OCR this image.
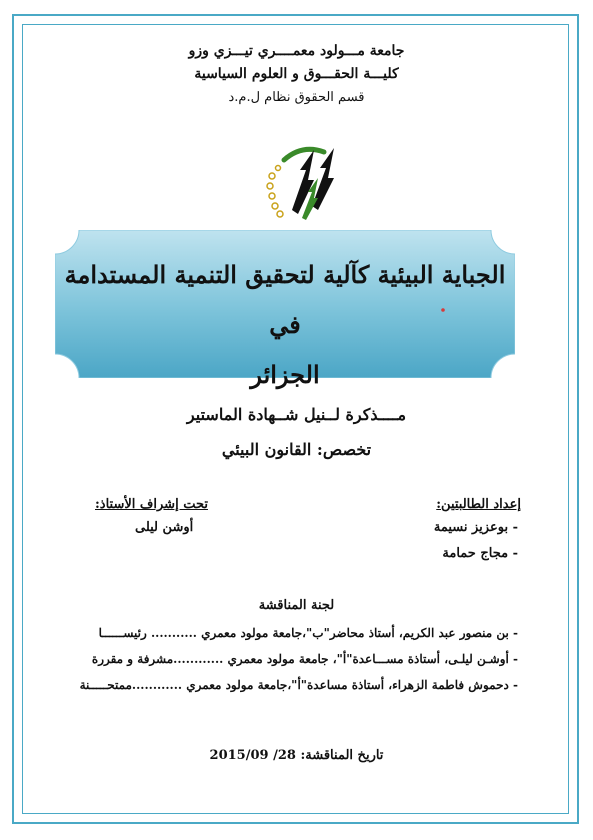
جامعة مـــولود معمــــري تيـــزي وزو
كليـــة الحقـــوق و العلوم السياسية
قسم الحقوق نظام ل.م.د
الجباية البيئية كآلية لتحقيق التنمية المستدامة في
الجزائر
مــــذكرة لــنيل شــهادة الماستير
تخصص: القانون البيئي
إعداد الطالبتين:
تحت إشراف الأستاذ:
- بوعزيز نسيمة
- مجاج حمامة
أوشن ليلى
لجنة المناقشة
- بن منصور عبد الكريم، أستاذ محاضر"ب"،جامعة مولود معمري ........... رئيســــــا
- أوشـن ليلـى، أستاذة مســـاعدة"أ"، جامعة مولود معمري ............مشرفة و مقررة
- دحموش فاطمة الزهراء، أستاذة مساعدة"أ"،جامعة مولود معمري ............ممتحـــــنة
تاريخ المناقشة: 28/ 2015/09
